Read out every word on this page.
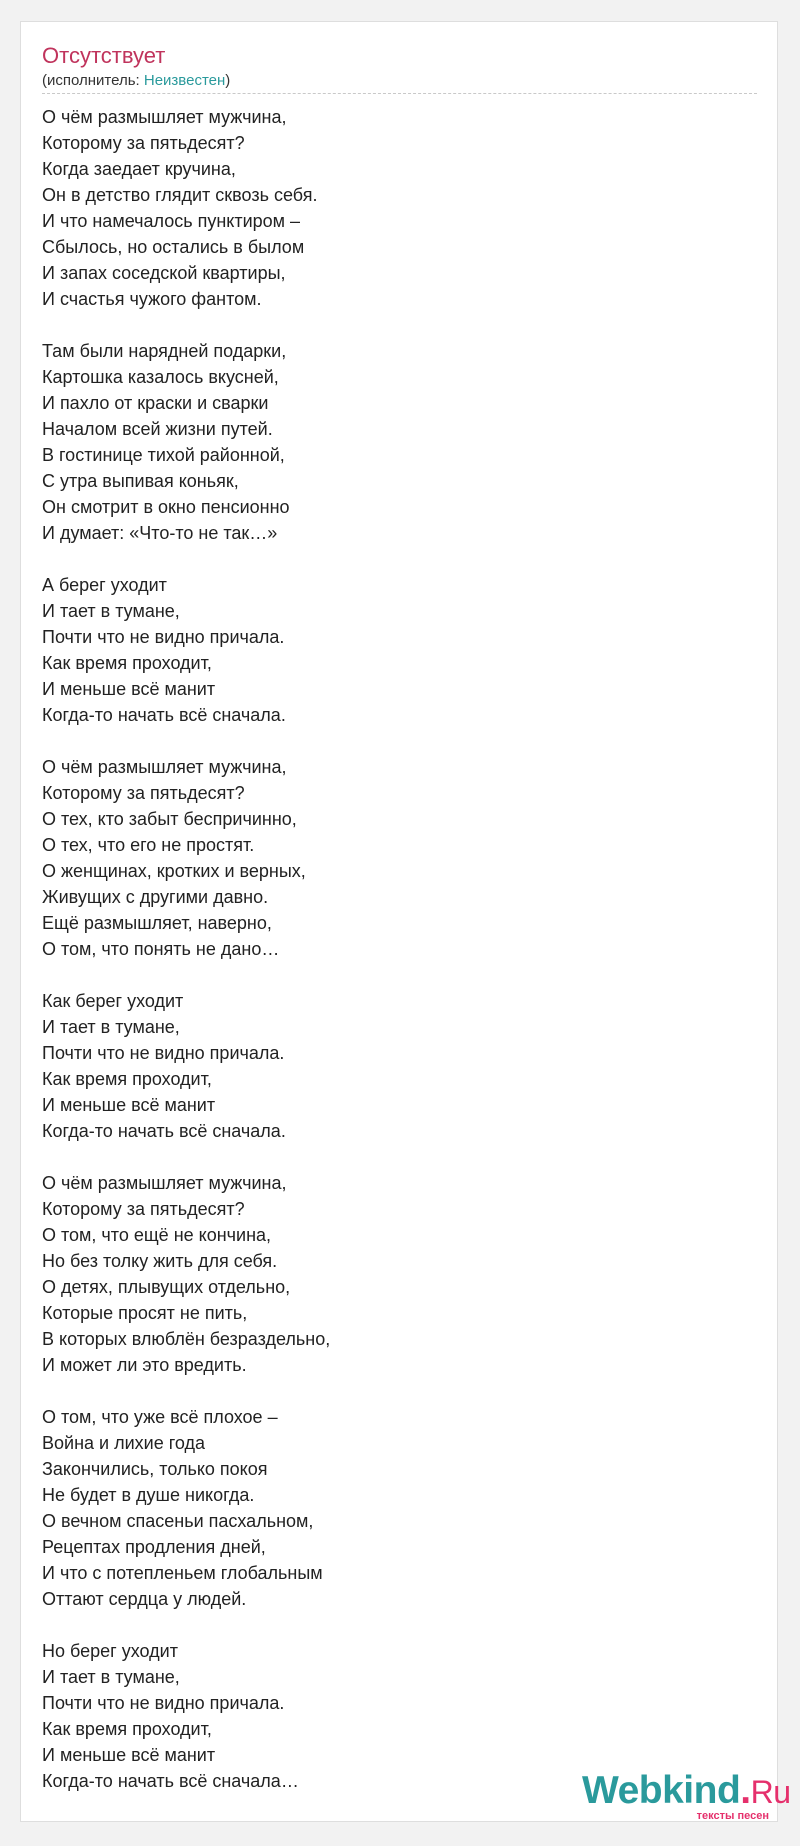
Отсутствует
(исполнитель: Неизвестен)
О чём размышляет мужчина,
Которому за пятьдесят?
Когда заедает кручина,
Он в детство глядит сквозь себя.
И что намечалось пунктиром –
Сбылось, но остались в былом
И запах соседской квартиры,
И счастья чужого фантом.
Там были нарядней подарки,
Картошка казалось вкусней,
И пахло от краски и сварки
Началом всей жизни путей.
В гостинице тихой районной,
С утра выпивая коньяк,
Он смотрит в окно пенсионно
И думает: «Что-то не так…»
А берег уходит
И тает в тумане,
Почти что не видно причала.
Как время проходит,
И меньше всё манит
Когда-то начать всё сначала.
О чём размышляет мужчина,
Которому за пятьдесят?
О тех, кто забыт беспричинно,
О тех, что его не простят.
О женщинах, кротких и верных,
Живущих с другими давно.
Ещё размышляет, наверно,
О том, что понять не дано…
Как берег уходит
И тает в тумане,
Почти что не видно причала.
Как время проходит,
И меньше всё манит
Когда-то начать всё сначала.
О чём размышляет мужчина,
Которому за пятьдесят?
О том, что ещё не кончина,
Но без толку жить для себя.
О детях, плывущих отдельно,
Которые просят не пить,
В которых влюблён безраздельно,
И может ли это вредить.
О том, что уже всё плохое –
Война и лихие года
Закончились, только покоя
Не будет в душе никогда.
О вечном спасеньи пасхальном,
Рецептах продления дней,
И что с потепленьем глобальным
Оттают сердца у людей.
Но берег уходит
И тает в тумане,
Почти что не видно причала.
Как время проходит,
И меньше всё манит
Когда-то начать всё сначала…	Webkind.Ru
тексты песен
